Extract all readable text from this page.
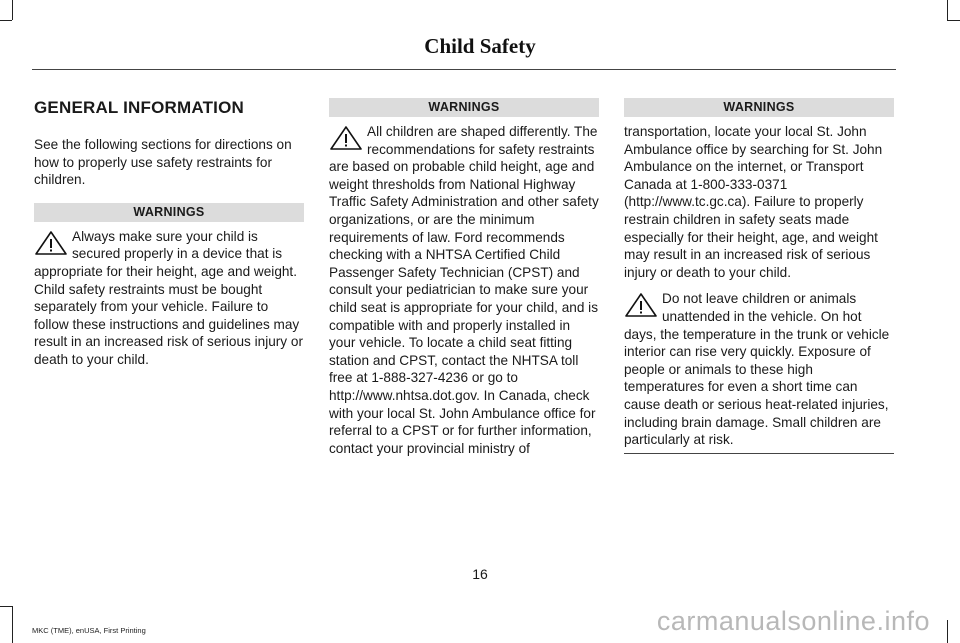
Child Safety
GENERAL INFORMATION

See the following sections for directions on how to properly use safety restraints for children.

WARNINGS
Always make sure your child is secured properly in a device that is appropriate for their height, age and weight. Child safety restraints must be bought separately from your vehicle. Failure to follow these instructions and guidelines may result in an increased risk of serious injury or death to your child.
WARNINGS
All children are shaped differently. The recommendations for safety restraints are based on probable child height, age and weight thresholds from National Highway Traffic Safety Administration and other safety organizations, or are the minimum requirements of law. Ford recommends checking with a NHTSA Certified Child Passenger Safety Technician (CPST) and consult your pediatrician to make sure your child seat is appropriate for your child, and is compatible with and properly installed in your vehicle. To locate a child seat fitting station and CPST, contact the NHTSA toll free at 1-888-327-4236 or go to http://www.nhtsa.dot.gov. In Canada, check with your local St. John Ambulance office for referral to a CPST or for further information, contact your provincial ministry of
WARNINGS

transportation, locate your local St. John Ambulance office by searching for St. John Ambulance on the internet, or Transport Canada at 1-800-333-0371 (http://www.tc.gc.ca). Failure to properly restrain children in safety seats made especially for their height, age, and weight may result in an increased risk of serious injury or death to your child.

Do not leave children or animals unattended in the vehicle. On hot days, the temperature in the trunk or vehicle interior can rise very quickly. Exposure of people or animals to these high temperatures for even a short time can cause death or serious heat-related injuries, including brain damage. Small children are particularly at risk.
16
MKC (TME), enUSA, First Printing	carmanualsonline.info
